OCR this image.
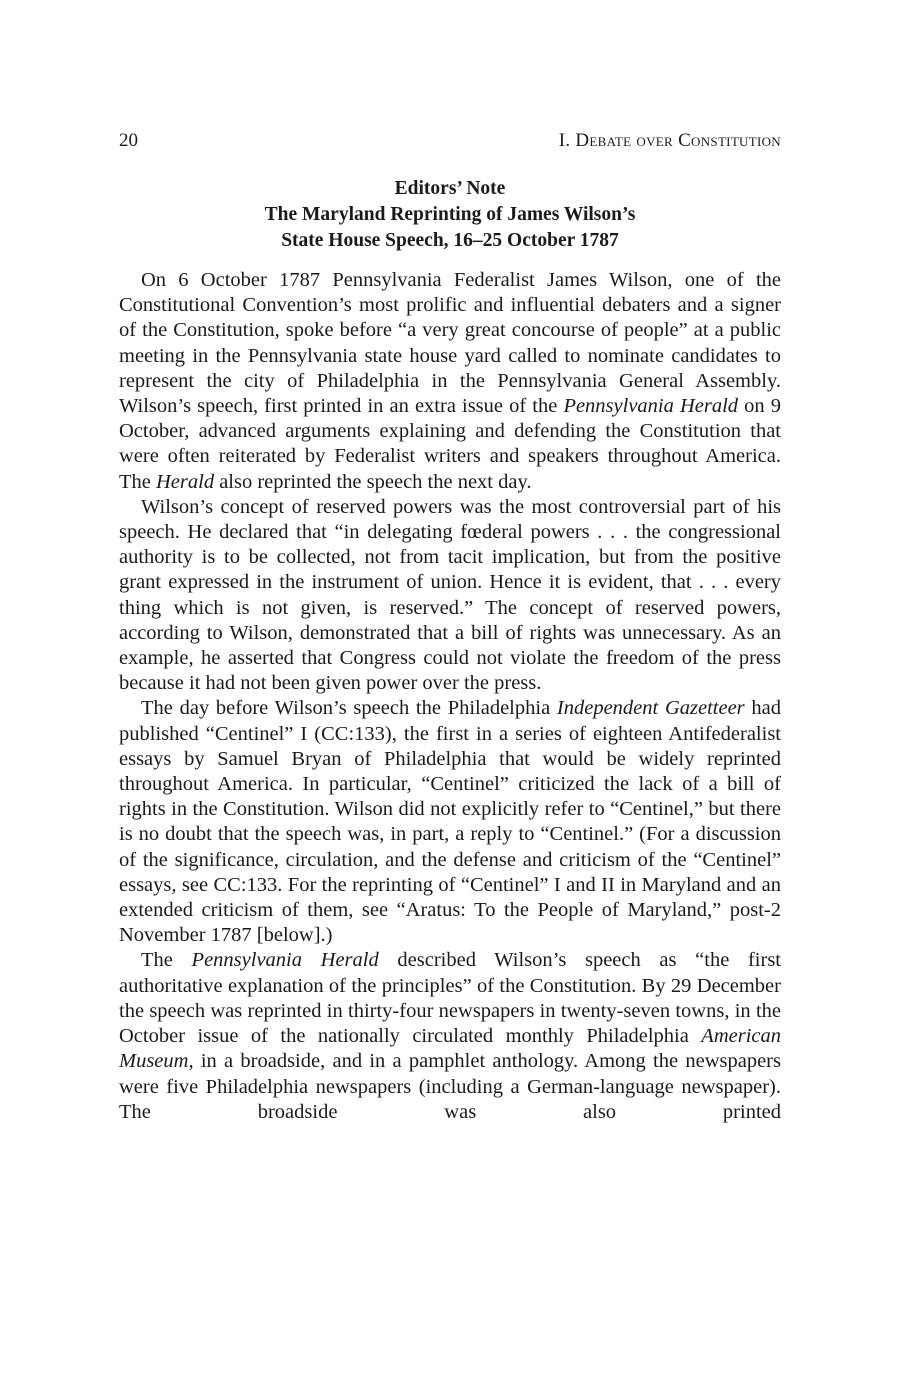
20	I. Debate over Constitution
Editors’ Note
The Maryland Reprinting of James Wilson’s
State House Speech, 16–25 October 1787

On 6 October 1787 Pennsylvania Federalist James Wilson, one of the Constitutional Convention’s most prolific and influential debaters and a signer of the Constitution, spoke before “a very great concourse of people” at a public meeting in the Pennsylvania state house yard called to nominate candidates to represent the city of Philadelphia in the Pennsylvania General Assembly. Wilson’s speech, first printed in an extra issue of the Pennsylvania Herald on 9 October, advanced arguments explaining and defending the Constitution that were often reiterated by Federalist writers and speakers throughout America. The Herald also reprinted the speech the next day.

Wilson’s concept of reserved powers was the most controversial part of his speech. He declared that “in delegating fœderal powers . . . the congressional authority is to be collected, not from tacit implication, but from the positive grant expressed in the instrument of union. Hence it is evident, that . . . every thing which is not given, is reserved.” The concept of reserved powers, according to Wilson, demonstrated that a bill of rights was unnecessary. As an example, he asserted that Congress could not violate the freedom of the press because it had not been given power over the press.

The day before Wilson’s speech the Philadelphia Independent Gazetteer had published “Centinel” I (CC:133), the first in a series of eighteen Antifederalist essays by Samuel Bryan of Philadelphia that would be widely reprinted throughout America. In particular, “Centinel” criticized the lack of a bill of rights in the Constitution. Wilson did not explicitly refer to “Centinel,” but there is no doubt that the speech was, in part, a reply to “Centinel.” (For a discussion of the significance, circulation, and the defense and criticism of the “Centinel” essays, see CC:133. For the reprinting of “Centinel” I and II in Maryland and an extended criticism of them, see “Aratus: To the People of Maryland,” post-2 November 1787 [below].)

The Pennsylvania Herald described Wilson’s speech as “the first authoritative explanation of the principles” of the Constitution. By 29 December the speech was reprinted in thirty-four newspapers in twenty-seven towns, in the October issue of the nationally circulated monthly Philadelphia American Museum, in a broadside, and in a pamphlet anthology. Among the newspapers were five Philadelphia newspapers (including a German-language newspaper). The broadside was also printed
